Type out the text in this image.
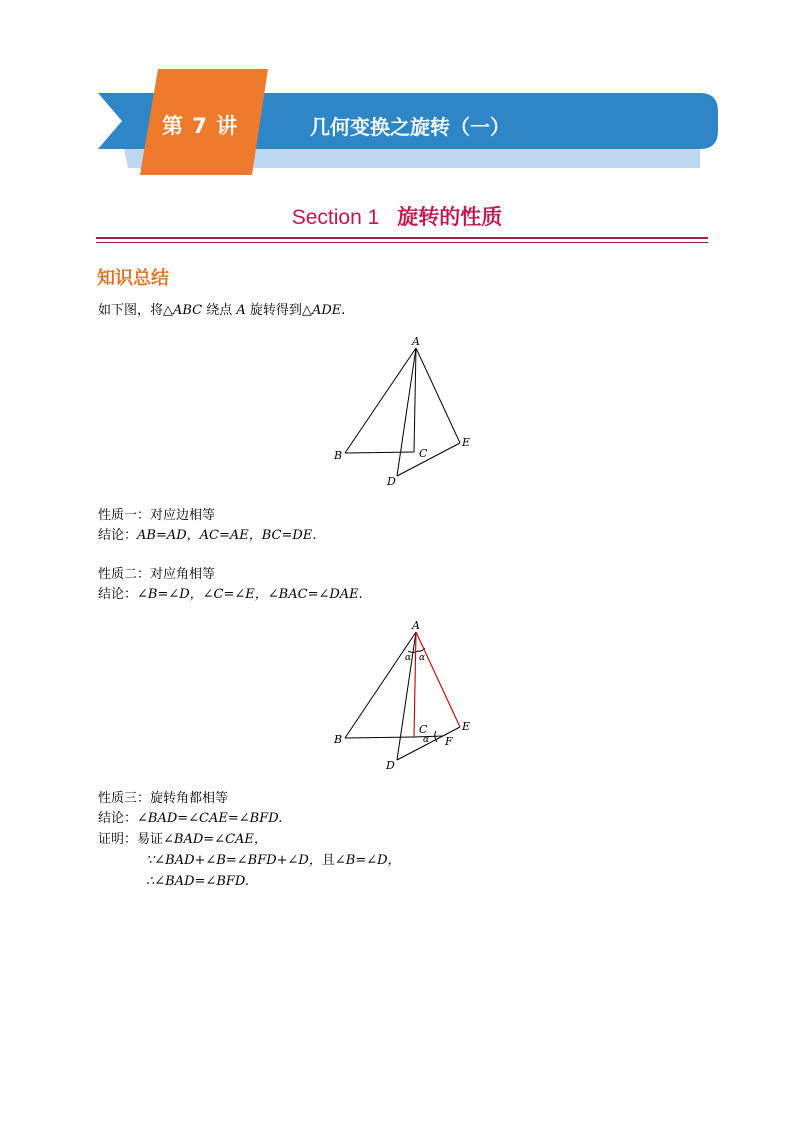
第 7 讲	几何变换之旋转（一）
Section 1 旋转的性质
知识总结
如下图，将△ABC 绕点 A 旋转得到△ADE.
A
B	C
D
E
性质一：对应边相等
结论：AB=AD，AC=AE，BC=DE.
性质二：对应角相等
结论：∠B=∠D，∠C=∠E，∠BAC=∠DAE.
A
B
C
D
E
F
α α
α
性质三：旋转角都相等
结论：∠BAD=∠CAE=∠BFD.
证明：易证∠BAD=∠CAE，
∵∠BAD+∠B=∠BFD+∠D，且∠B=∠D，
∴∠BAD=∠BFD.
